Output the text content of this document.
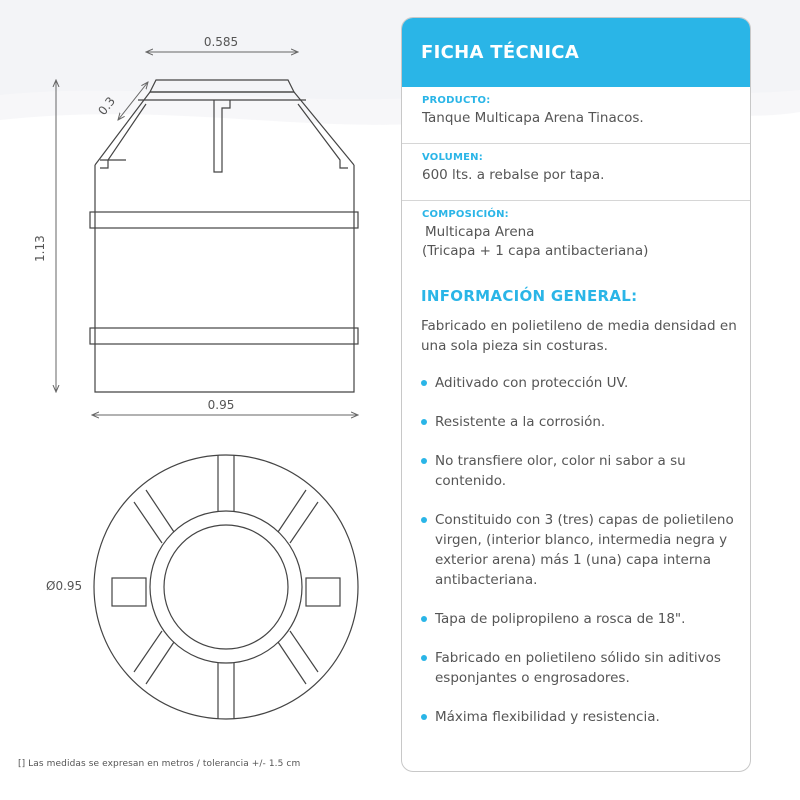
0.585
0.3
1.13
0.95
Ø0.95
[] Las medidas se expresan en metros / tolerancia +/- 1.5 cm
FICHA TÉCNICA
PRODUCTO:
Tanque Multicapa Arena Tinacos.
VOLUMEN:
600 lts. a rebalse por tapa.
COMPOSICIÓN:
Multicapa Arena
(Tricapa + 1 capa antibacteriana)
INFORMACIÓN GENERAL:
Fabricado en polietileno de media densidad en una sola pieza sin costuras.
Aditivado con protección UV.
Resistente a la corrosión.
No transfiere olor, color ni sabor a su contenido.
Constituido con 3 (tres) capas de polietileno virgen, (interior blanco, intermedia negra y exterior arena) más 1 (una) capa interna antibacteriana.
Tapa de polipropileno a rosca de 18".
Fabricado en polietileno sólido sin aditivos esponjantes o engrosadores.
Máxima flexibilidad y resistencia.
